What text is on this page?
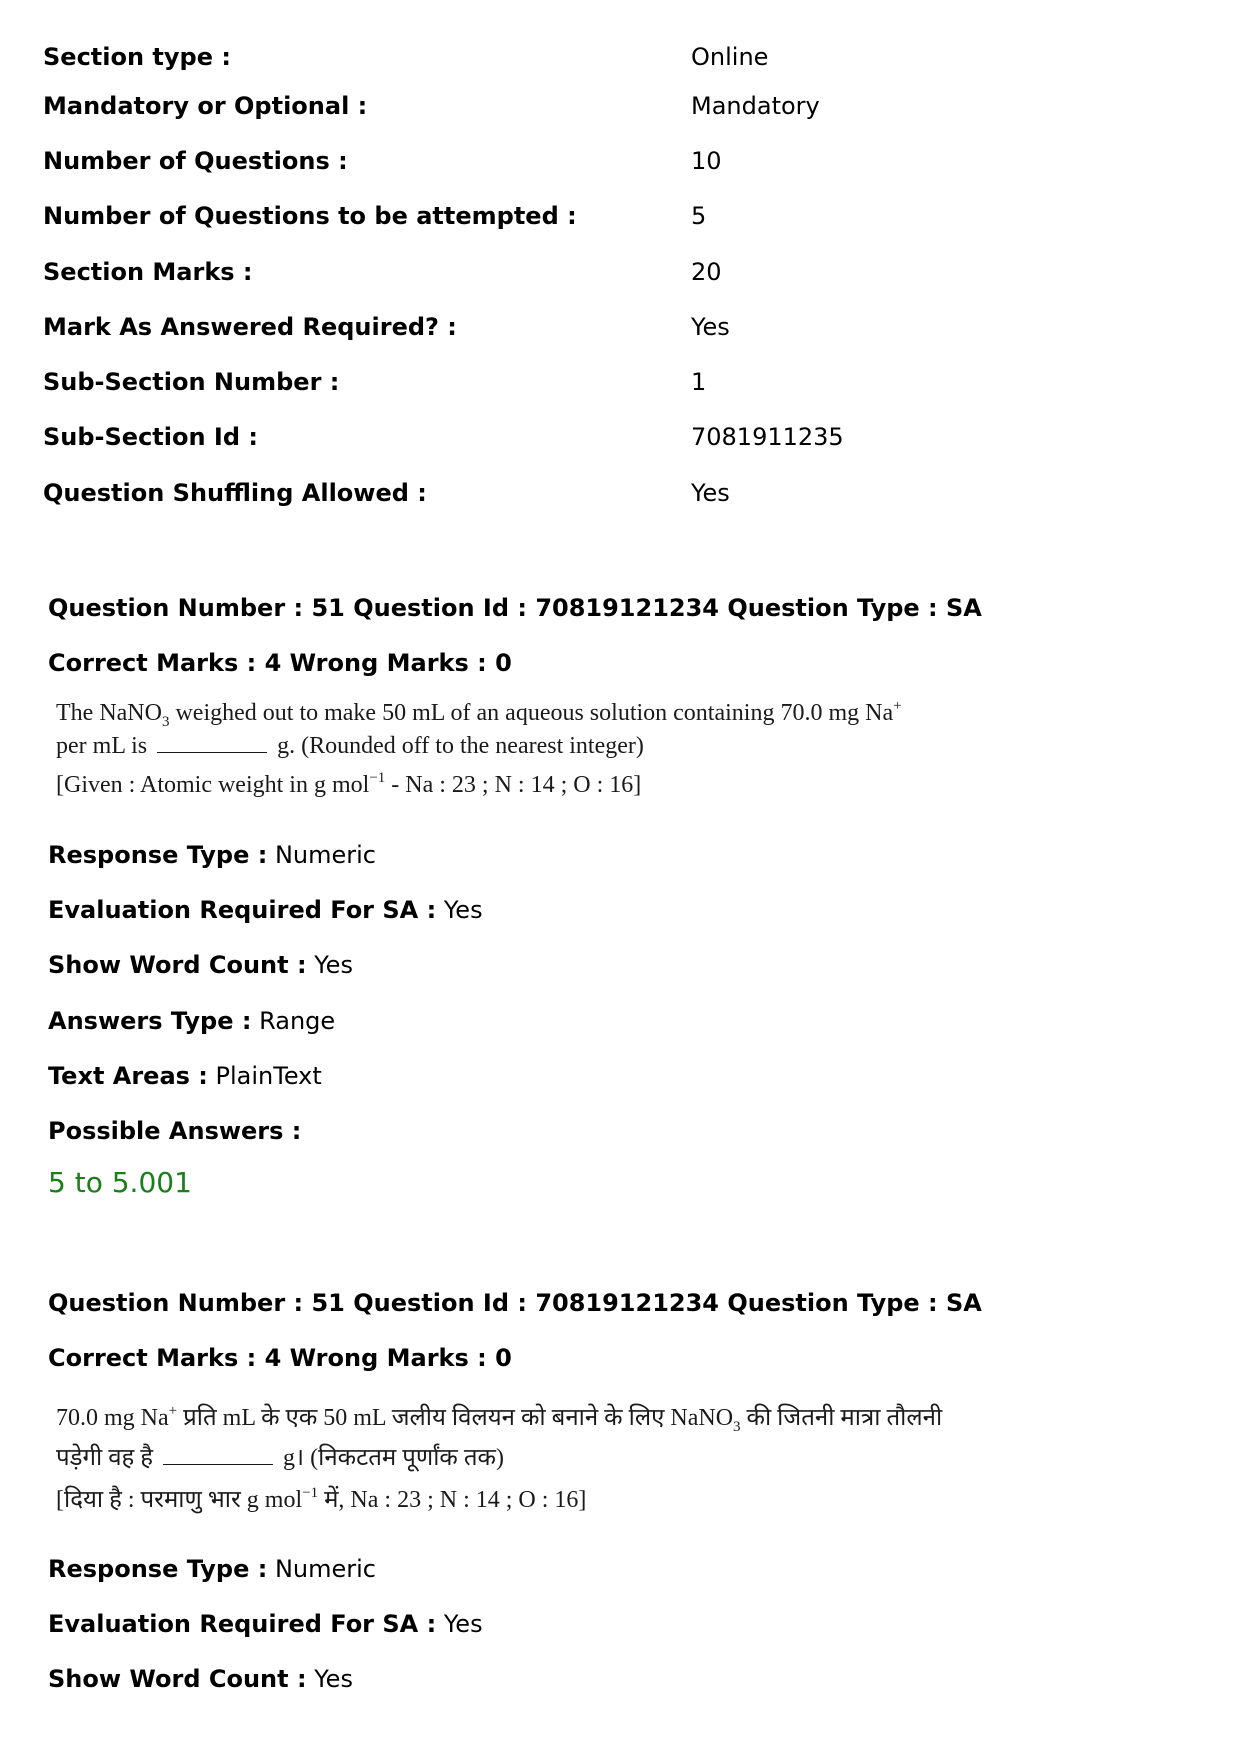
Section type :	Online
Mandatory or Optional :	Mandatory
Number of Questions :	10
Number of Questions to be attempted :	5
Section Marks :	20
Mark As Answered Required? :	Yes
Sub-Section Number :	1
Sub-Section Id :	7081911235
Question Shuffling Allowed :	Yes
Question Number : 51 Question Id : 70819121234 Question Type : SA
Correct Marks : 4 Wrong Marks : 0
The NaNO$_3$ weighed out to make 50 mL of an aqueous solution containing 70.0 mg Na+
per mL is	g. (Rounded off to the nearest integer)
[Given : Atomic weight in g mol$^{-1}$ - Na : 23 ; N : 14 ; O : 16]
Response Type : Numeric
Evaluation Required For SA : Yes
Show Word Count : Yes
Answers Type : Range
Text Areas : PlainText
Possible Answers :
5 to 5.001
Question Number : 51 Question Id : 70819121234 Question Type : SA
Correct Marks : 4 Wrong Marks : 0
70.0 mg Na+ प्रति mL के एक 50 mL जलीय विलयन को बनाने के लिए NaNO$_3$ की जितनी मात्रा तौलनी
पड़ेगी वह है	g। (निकटतम पूर्णांक तक)
[दिया है : परमाणु भार g mol$^{-1}$ में, Na : 23 ; N : 14 ; O : 16]
Response Type : Numeric
Evaluation Required For SA : Yes
Show Word Count : Yes
